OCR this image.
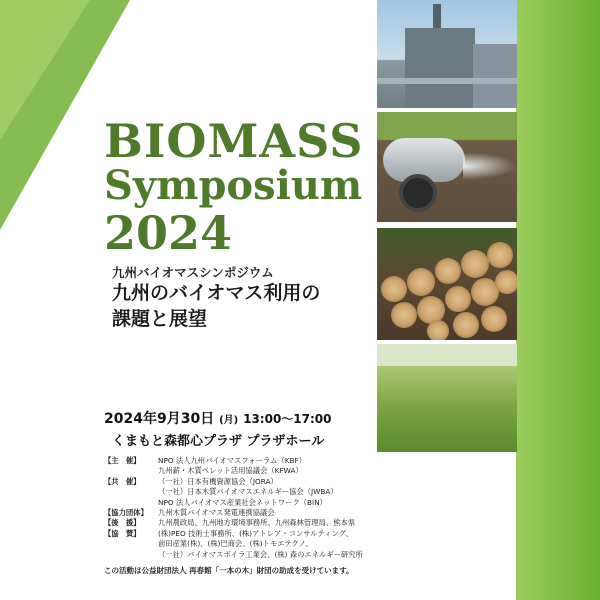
BIOMASS
Symposium
2024
九州バイオマスシンポジウム
九州のバイオマス利用の
課題と展望
2024年9月30日 (月) 13:00～17:00
くまもと森都心プラザ プラザホール
【主　催】	NPO 法人九州バイオマスフォーラム（KBF）
九州薪・木質ペレット活用協議会（KFWA）
【共　催】	（一社）日本有機資源協会（JORA）
（一社）日本木質バイオマスエネルギー協会（JWBA）
NPO 法人バイオマス産業社会ネットワーク（BIN）
【協力団体】	九州木質バイオマス発電連携協議会
【後　援】	九州農政局、九州地方環境事務所、九州森林管理局、熊本県
【協　賛】	(株)PEO 技術士事務所、(株)アトレア・コンサルティング、
前田産業(株)、(株)巴商会、(株)トモエテクノ、
（一社）バイオマスボイラ工業会、(株) 森のエネルギー研究所
この活動は公益財団法人 再春館「一本の木」財団の助成を受けています。
